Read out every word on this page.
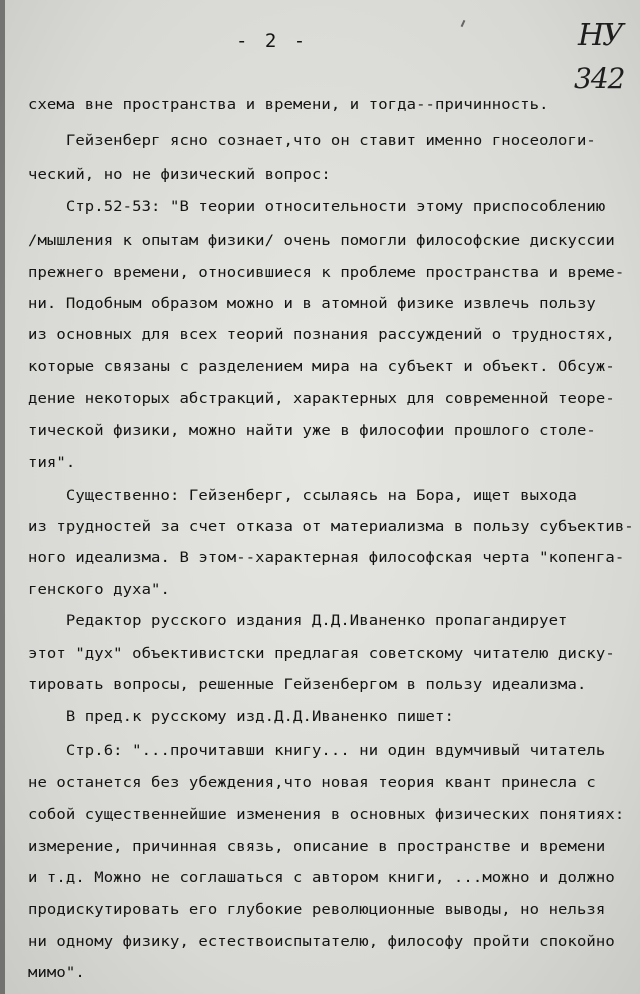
- 2 -	НУ
342
схема вне пространства и времени, и тогда--причинность.
Гейзенберг ясно сознает,что он ставит именно гносеологи-
ческий, но не физический вопрос:
Стр.52-53: "В теории относительности этому приспособлению
/мышления к опытам физики/ очень помогли философские дискуссии
прежнего времени, относившиеся к проблеме пространства и време-
ни. Подобным образом можно и в атомной физике извлечь пользу
из основных для всех теорий познания рассуждений о трудностях,
которые связаны с разделением мира на субъект и объект. Обсуж-
дение некоторых абстракций, характерных для современной теоре-
тической физики, можно найти уже в философии прошлого столе-
тия".
Существенно: Гейзенберг, ссылаясь на Бора, ищет выхода
из трудностей за счет отказа от материализма в пользу субъектив-
ного идеализма. В этом--характерная философская черта "копенга-
генского духа".
Редактор русского издания Д.Д.Иваненко пропагандирует
этот "дух" объективистски предлагая советскому читателю диску-
тировать вопросы, решенные Гейзенбергом в пользу идеализма.
В пред.к русскому изд.Д.Д.Иваненко пишет:
Стр.6: "...прочитавши книгу... ни один вдумчивый читатель
не останется без убеждения,что новая теория квант принесла с
собой существеннейшие изменения в основных физических понятиях:
измерение, причинная связь, описание в пространстве и времени
и т.д. Можно не соглашаться с автором книги, ...можно и должно
продискутировать его глубокие революционные выводы, но нельзя
ни одному физику, естествоиспытателю, философу пройти спокойно
мимо".
